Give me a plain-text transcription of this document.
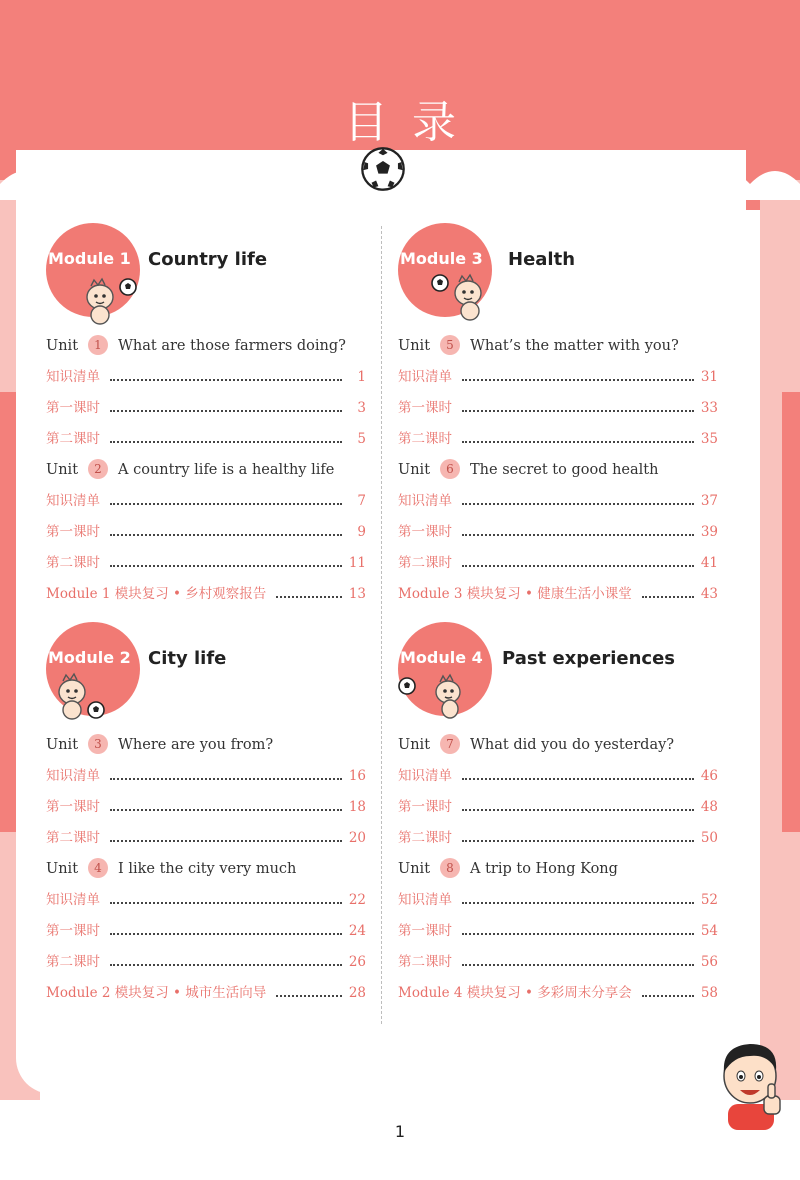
目录
Module 1 Country life
Unit 1 What are those farmers doing?
知识清单	1
第一课时	3
第二课时	5
Unit 2 A country life is a healthy life
知识清单	7
第一课时	9
第二课时	11
Module 1 模块复习 • 乡村观察报告	13
Module 2 City life
Unit 3 Where are you from?
知识清单	16
第一课时	18
第二课时	20
Unit 4 I like the city very much
知识清单	22
第一课时	24
第二课时	26
Module 2 模块复习 • 城市生活向导	28
Module 3 Health
Unit 5 What’s the matter with you?
知识清单	31
第一课时	33
第二课时	35
Unit 6 The secret to good health
知识清单	37
第一课时	39
第二课时	41
Module 3 模块复习 • 健康生活小课堂	43
Module 4 Past experiences
Unit 7 What did you do yesterday?
知识清单	46
第一课时	48
第二课时	50
Unit 8 A trip to Hong Kong
知识清单	52
第一课时	54
第二课时	56
Module 4 模块复习 • 多彩周末分享会	58
1
